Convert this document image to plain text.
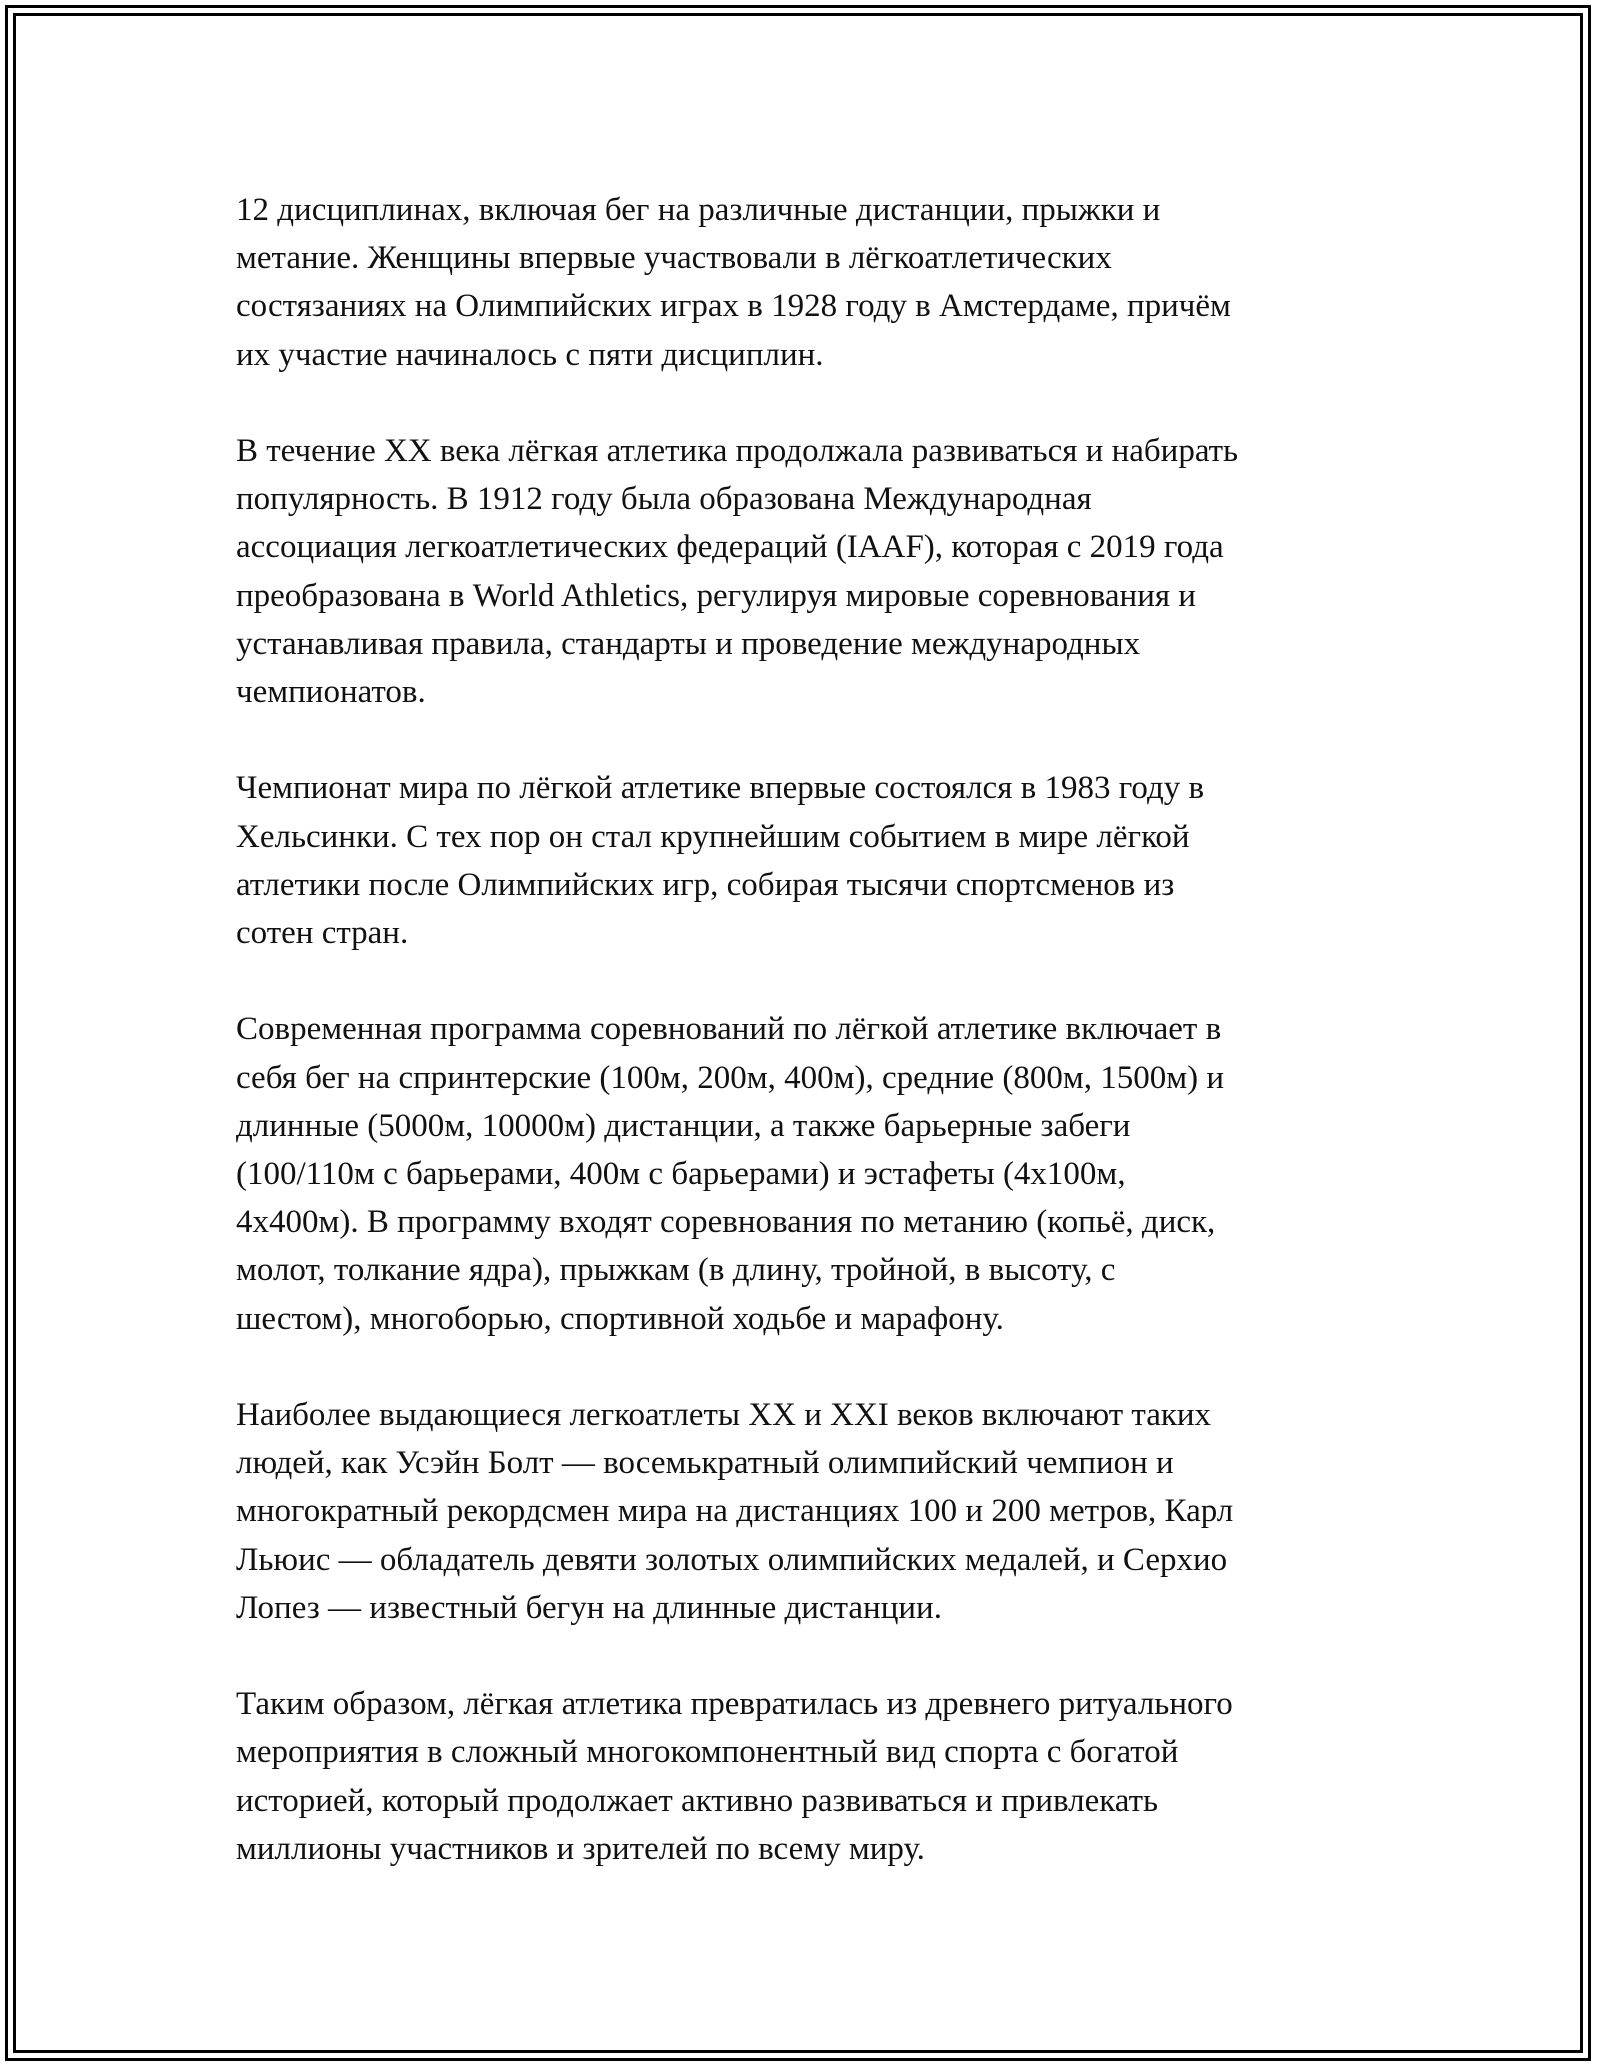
12 дисциплинах, включая бег на различные дистанции, прыжки и
метание. Женщины впервые участвовали в лёгкоатлетических
состязаниях на Олимпийских играх в 1928 году в Амстердаме, причём
их участие начиналось с пяти дисциплин.

В течение XX века лёгкая атлетика продолжала развиваться и набирать
популярность. В 1912 году была образована Международная
ассоциация легкоатлетических федераций (IAAF), которая с 2019 года
преобразована в World Athletics, регулируя мировые соревнования и
устанавливая правила, стандарты и проведение международных
чемпионатов.

Чемпионат мира по лёгкой атлетике впервые состоялся в 1983 году в
Хельсинки. С тех пор он стал крупнейшим событием в мире лёгкой
атлетики после Олимпийских игр, собирая тысячи спортсменов из
сотен стран.

Современная программа соревнований по лёгкой атлетике включает в
себя бег на спринтерские (100м, 200м, 400м), средние (800м, 1500м) и
длинные (5000м, 10000м) дистанции, а также барьерные забеги
(100/110м с барьерами, 400м с барьерами) и эстафеты (4x100м,
4x400м). В программу входят соревнования по метанию (копьё, диск,
молот, толкание ядра), прыжкам (в длину, тройной, в высоту, с
шестом), многоборью, спортивной ходьбе и марафону.

Наиболее выдающиеся легкоатлеты XX и XXI веков включают таких
людей, как Усэйн Болт — восемькратный олимпийский чемпион и
многократный рекордсмен мира на дистанциях 100 и 200 метров, Карл
Льюис — обладатель девяти золотых олимпийских медалей, и Серхио
Лопез — известный бегун на длинные дистанции.

Таким образом, лёгкая атлетика превратилась из древнего ритуального
мероприятия в сложный многокомпонентный вид спорта с богатой
историей, который продолжает активно развиваться и привлекать
миллионы участников и зрителей по всему миру.
